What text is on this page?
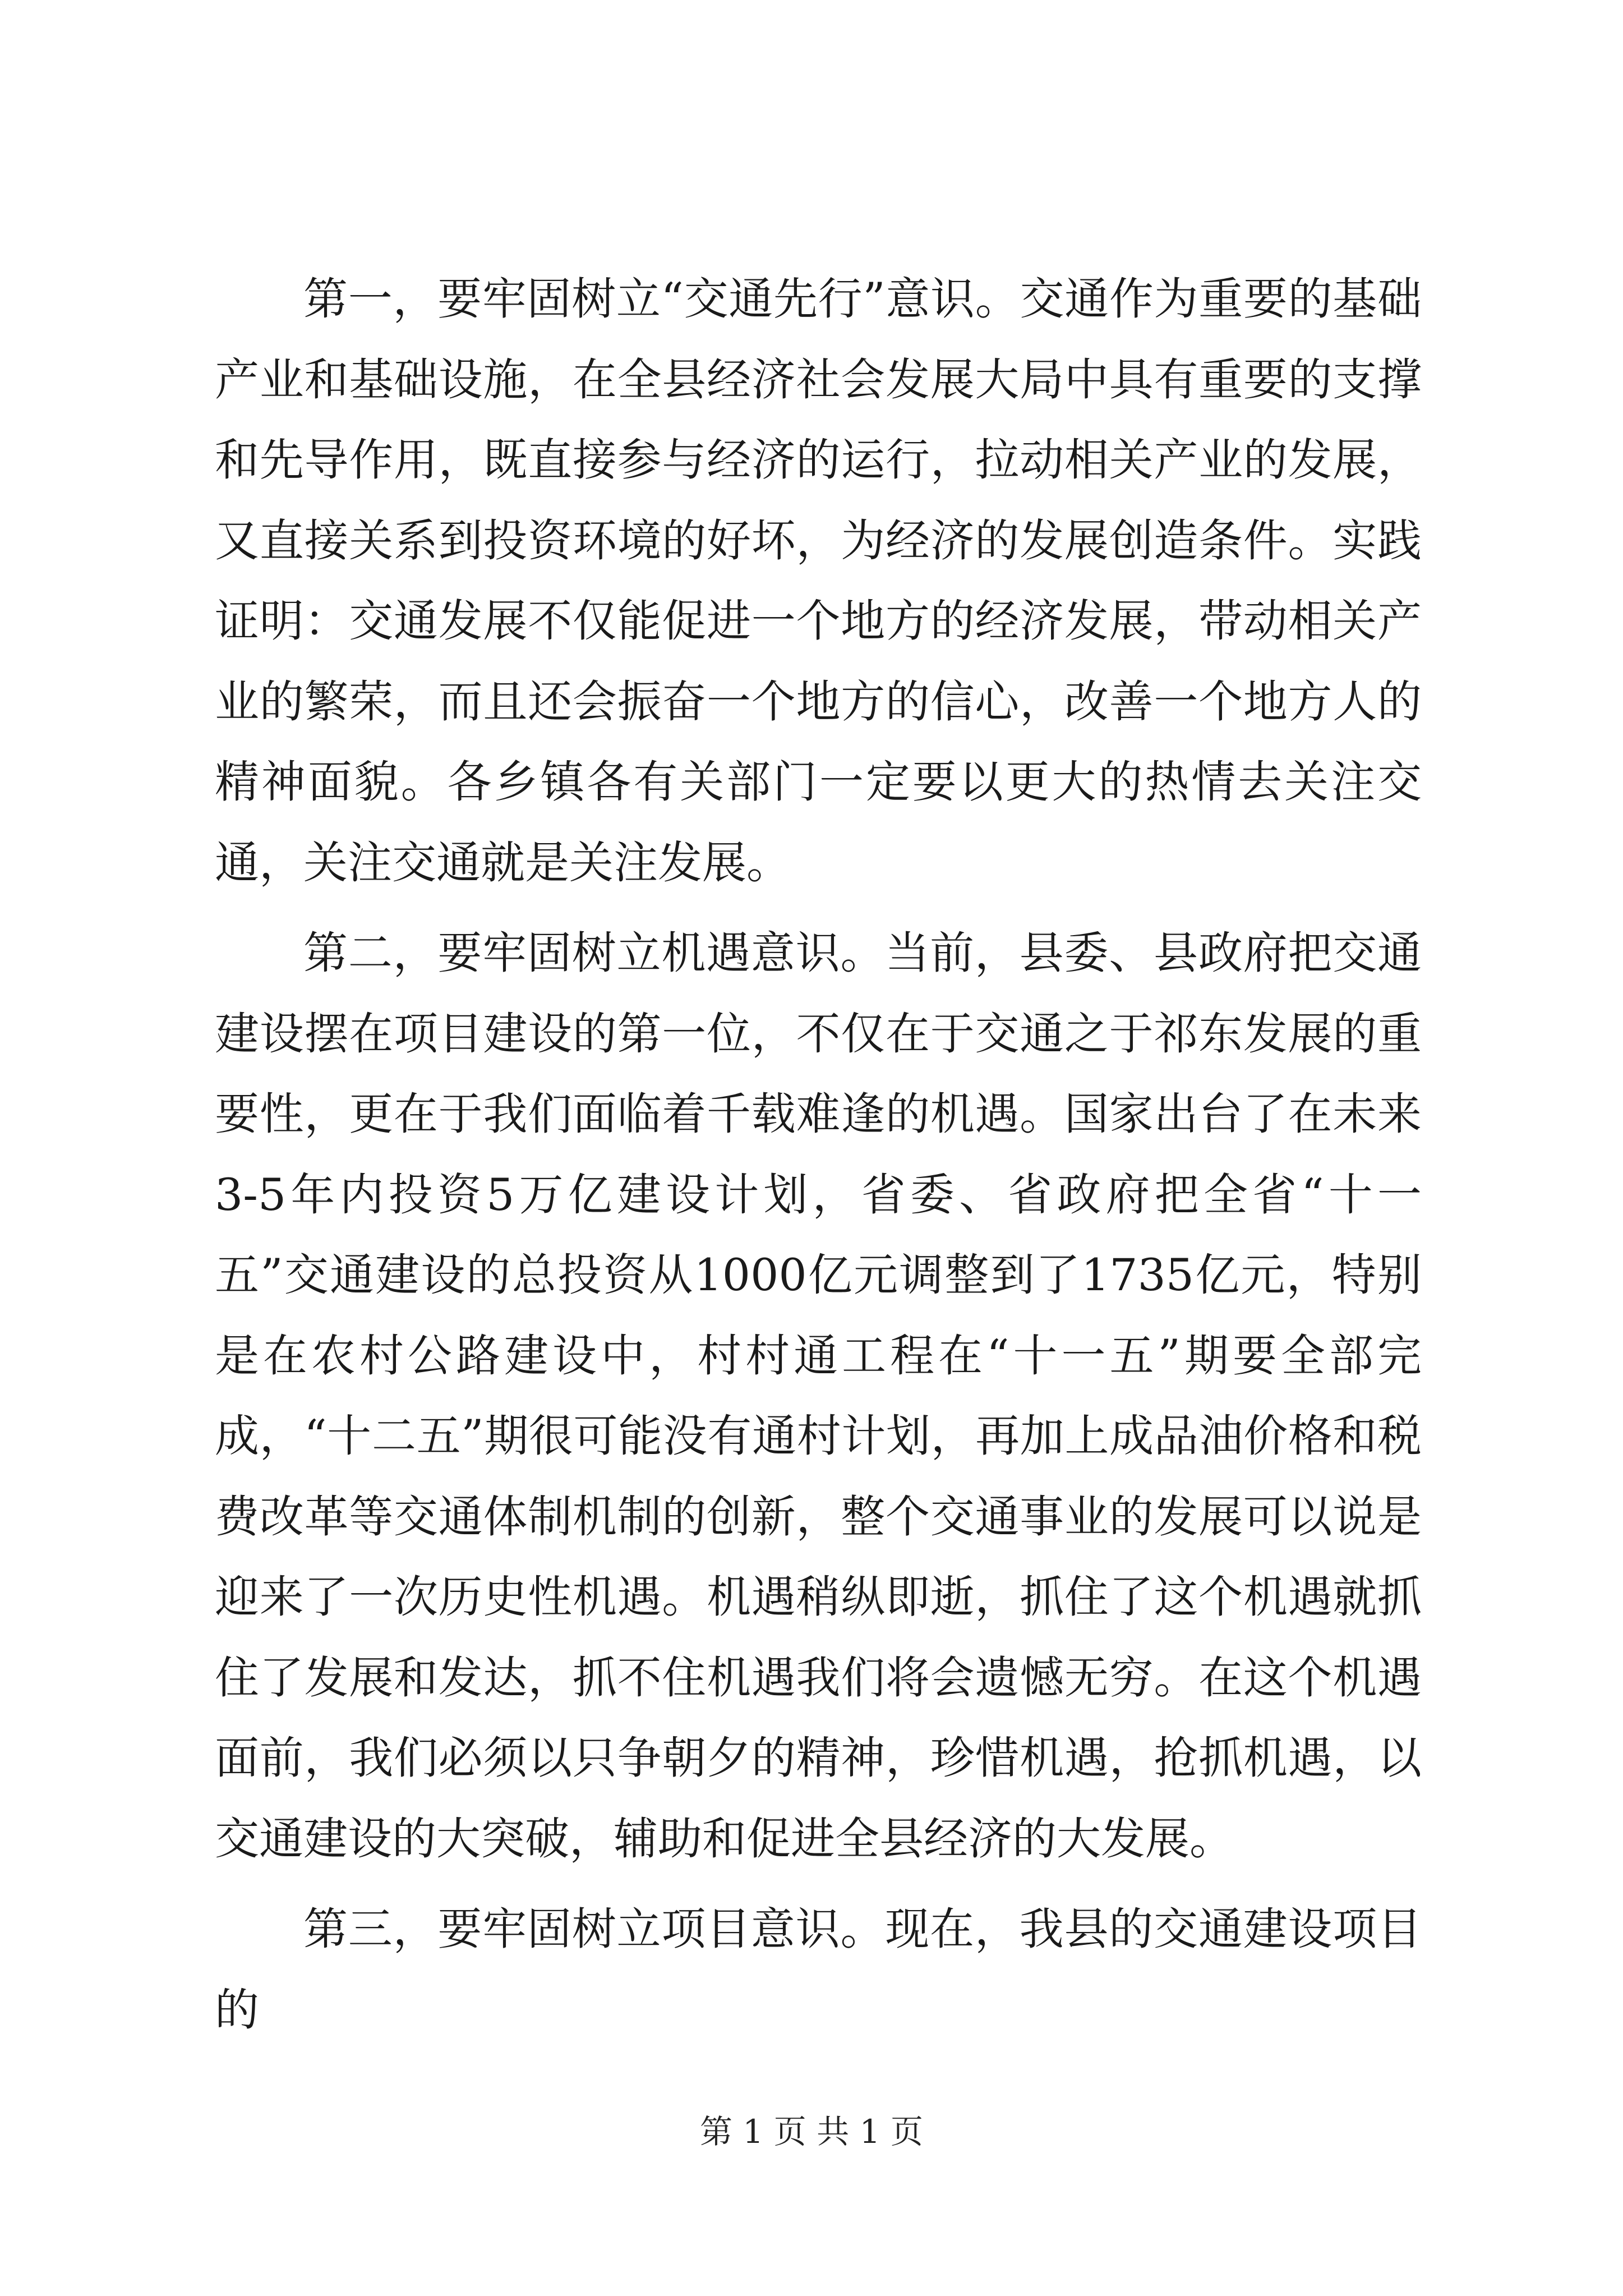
第一，要牢固树立“交通先行”意识。交通作为重要的基础产业和基础设施，在全县经济社会发展大局中具有重要的支撑和先导作用，既直接参与经济的运行，拉动相关产业的发展，又直接关系到投资环境的好坏，为经济的发展创造条件。实践证明：交通发展不仅能促进一个地方的经济发展，带动相关产业的繁荣，而且还会振奋一个地方的信心，改善一个地方人的精神面貌。各乡镇各有关部门一定要以更大的热情去关注交通，关注交通就是关注发展。

第二，要牢固树立机遇意识。当前，县委、县政府把交通建设摆在项目建设的第一位，不仅在于交通之于祁东发展的重要性，更在于我们面临着千载难逢的机遇。国家出台了在未来3-5年内投资5万亿建设计划，省委、省政府把全省“十一五”交通建设的总投资从1000亿元调整到了1735亿元，特别是在农村公路建设中，村村通工程在“十一五”期要全部完成，“十二五”期很可能没有通村计划，再加上成品油价格和税费改革等交通体制机制的创新，整个交通事业的发展可以说是迎来了一次历史性机遇。机遇稍纵即逝，抓住了这个机遇就抓住了发展和发达，抓不住机遇我们将会遗憾无穷。在这个机遇面前，我们必须以只争朝夕的精神，珍惜机遇，抢抓机遇，以交通建设的大突破，辅助和促进全县经济的大发展。

第三，要牢固树立项目意识。现在，我县的交通建设项目的

第 1 页 共 1 页
